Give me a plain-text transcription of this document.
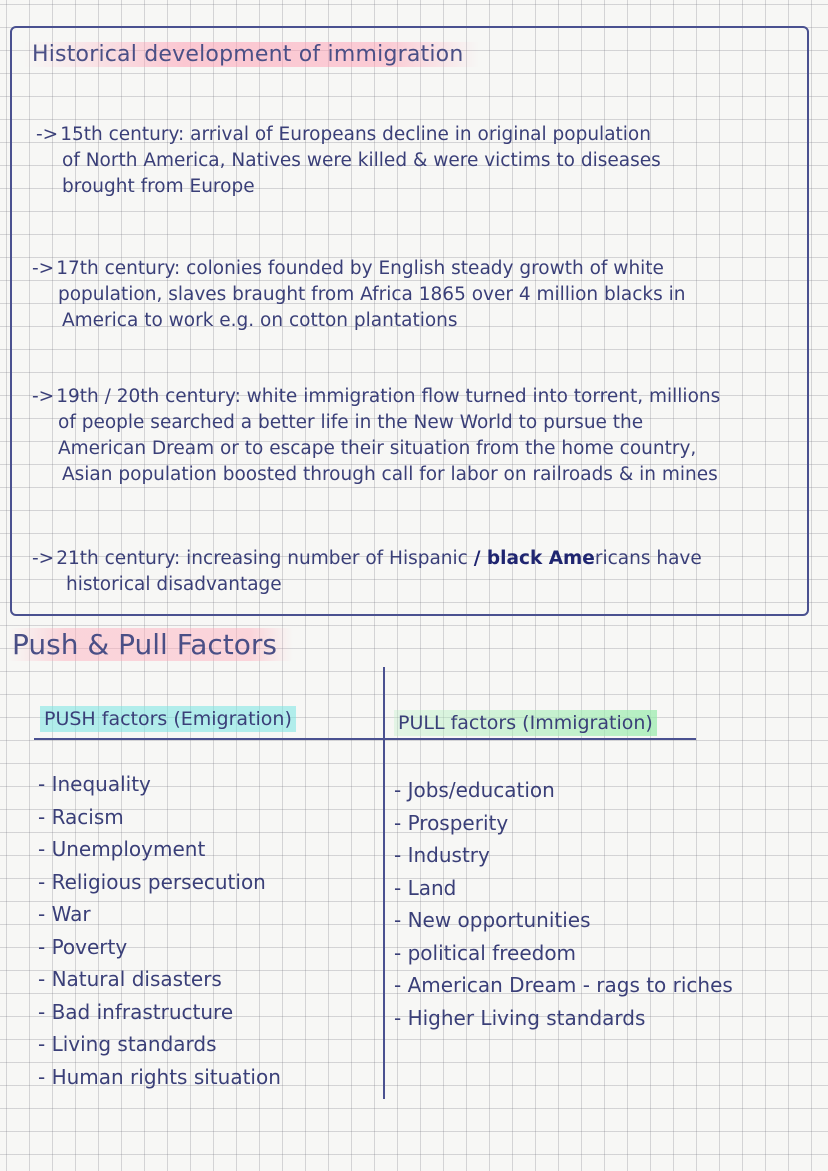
Historical development of immigration
-> 15th century: arrival of Europeans decline in original population
of North America, Natives were killed & were victims to diseases
brought from Europe
-> 17th century: colonies founded by English steady growth of white
population, slaves braught from Africa 1865 over 4 million blacks in
America to work e.g. on cotton plantations
-> 19th / 20th century: white immigration flow turned into torrent, millions
of people searched a better life in the New World to pursue the
American Dream or to escape their situation from the home country,
Asian population boosted through call for labor on railroads & in mines
-> 21th century: increasing number of Hispanic / black Americans have
historical disadvantage
Push & Pull Factors
PUSH factors (Emigration)	PULL factors (Immigration)
- Inequality
- Racism
- Unemployment
- Religious persecution
- War
- Poverty
- Natural disasters
- Bad infrastructure
- Living standards
- Human rights situation
- Jobs/education
- Prosperity
- Industry
- Land
- New opportunities
- political freedom
- American Dream - rags to riches
- Higher Living standards
